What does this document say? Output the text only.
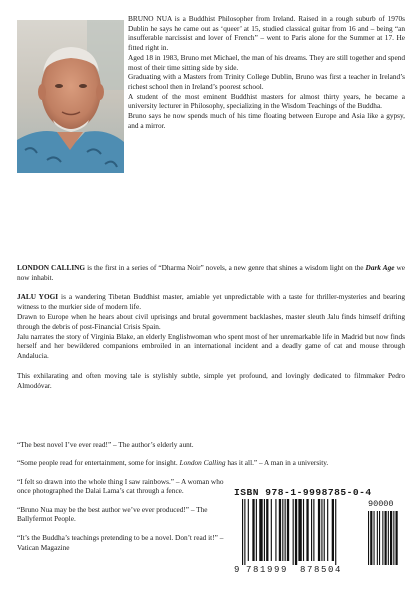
BRUNO NUA is a Buddhist Philosopher from Ireland. Raised in a rough suburb of 1970s Dublin he says he came out as ‘queer’ at 15, studied classical guitar from 16 and – being “an insufferable narcissist and lover of French” – went to Paris alone for the Summer at 17. He fitted right in.

Aged 18 in 1983, Bruno met Michael, the man of his dreams. They are still together and spend most of their time sitting side by side.

Graduating with a Masters from Trinity College Dublin, Bruno was first a teacher in Ireland’s richest school then in Ireland’s poorest school.

A student of the most eminent Buddhist masters for almost thirty years, he became a university lecturer in Philosophy, specializing in the Wisdom Teachings of the Buddha.

Bruno says he now spends much of his time floating between Europe and Asia like a gypsy, and a mirror.

LONDON CALLING is the first in a series of “Dharma Noir” novels, a new genre that shines a wisdom light on the Dark Age we now inhabit.

JALU YOGI is a wandering Tibetan Buddhist master, amiable yet unpredictable with a taste for thriller-mysteries and bearing witness to the murkier side of modern life.

Drawn to Europe when he hears about civil uprisings and brutal government backlashes, master sleuth Jalu finds himself drifting through the debris of post-Financial Crisis Spain.

Jalu narrates the story of Virginia Blake, an elderly Englishwoman who spent most of her unremarkable life in Madrid but now finds herself and her bewildered companions embroiled in an international incident and a deadly game of cat and mouse through Andalucia.

This exhilarating and often moving tale is stylishly subtle, simple yet profound, and lovingly dedicated to filmmaker Pedro Almodóvar.

“The best novel I’ve ever read!” – The author’s elderly aunt.

“Some people read for entertainment, some for insight. London Calling has it all.” – A man in a university.

“I felt so drawn into the whole thing I saw rainbows.” – A woman who once photographed the Dalai Lama’s cat through a fence.

“Bruno Nua may be the best author we’ve ever produced!” – The Ballyfermot People.

“It’s the Buddha’s teachings pretending to be a novel. Don’t read it!” – Vatican Magazine

ISBN 978-1-9998785-0-4
90000
9 781999 878504
